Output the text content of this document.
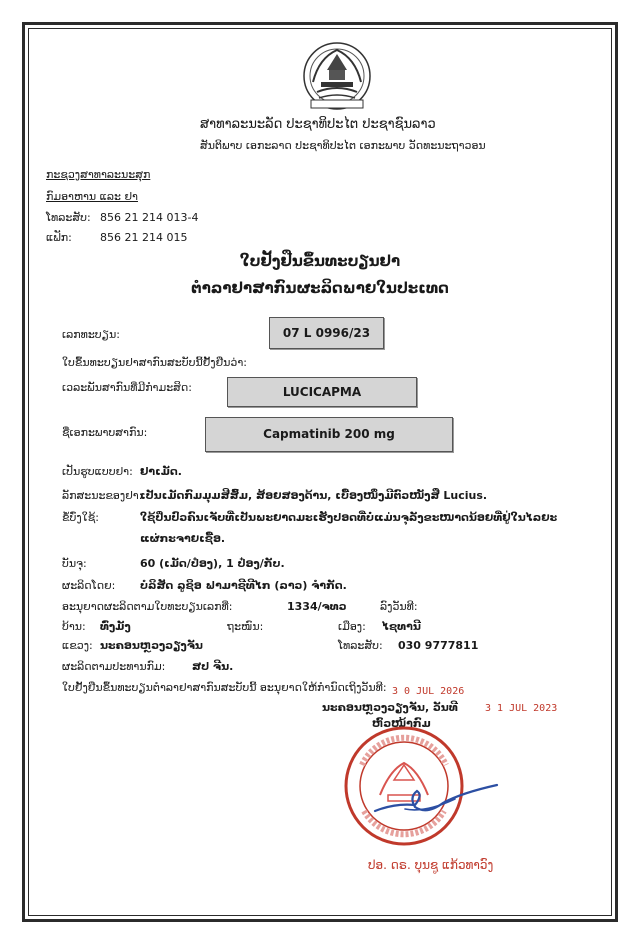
ສາທາລະນະລັດ ປະຊາທິປະໄຕ ປະຊາຊົນລາວ
ສັນຕິພາບ ເອກະລາດ ປະຊາທິປະໄຕ ເອກະພາບ ວັດທະນະຖາວອນ
ກະຊວງສາທາລະນະສຸກ
ກົມອາຫານ ແລະ ຢາ
ໂທລະສັບ: 856 21 214 013-4
ແຟັກ:	856 21 214 015
ໃບຢັ້ງຢືນຂຶ້ນທະບຽນຢາ
ຕຳລາຢາສາກົນຜະລິດພາຍໃນປະເທດ
ເລກທະບຽນ:	07 L 0996/23
ໃບຂຶ້ນທະບຽນຢາສາກົນສະບັບນີ້ຢັ້ງຢືນວ່າ:
ເວລະພັນສາກົນທີ່ມີກຳມະສິດ:	LUCICAPMA
ຊື່ເອກະພາບສາກົນ:	Capmatinib 200 mg
ເປັນຮູບແບບຢາ: ຢາເມັດ.
ລັກສະນະຂອງຢາ:
ເປັນເມັດກົມມຸມສີສົ້ມ, ສ້ອຍສອງດ້ານ, ເບື້ອງໜຶ່ງມີຕົວໜັງສື Lucius.
ຂໍ້ບົ່ງໃຊ້:	ໃຊ້ປິ່ນປົວຄົນເຈັບທີ່ເປັນພະຍາດມະເຮັງປອດທີ່ບໍ່ແມ່ນຈຸລັງຂະໜາດນ້ອຍທີ່ຢູ່ໃນໄລຍະ
ແຜ່ກະຈາຍເຊື້ອ.
ບັນຈຸ:	60 (ເມັດ/ປ໋ອງ), 1 ປ໋ອງ/ກັບ.
ຜະລິດໂດຍ: ບໍລິສັດ ລູຊິອ ຟາມາຊີທີໄກ (ລາວ) ຈຳກັດ.
ອະນຸຍາດຜະລິດຕາມໃບທະບຽນເລກທີ່:	1334/ຈທວ	ລົງວັນທີ:
ບ້ານ: ທົ່ງມັງ	ຖະໜົນ:	ເມືອງ: ໄຊທານີ
ແຂວງ: ນະຄອນຫຼວງວຽງຈັນ	ໂທລະສັບ: 030 9777811
ຜະລິດຕາມປະທານກົມ: ສປ ຈີນ.
ໃບຢັ້ງຢືນຂຶ້ນທະບຽນຕຳລາຢາສາກົນສະບັບນີ້ ອະນຸຍາດໃຫ້ກຳນົດເຖິງວັນທີ: 3 0 JUL 2026
ນະຄອນຫຼວງວຽງຈັນ, ວັນທີ	3 1 JUL 2023
ຫົວໜ້າກົມ
ປອ. ດຣ. ບຸນຊູ ແກ້ວທາວົງ
